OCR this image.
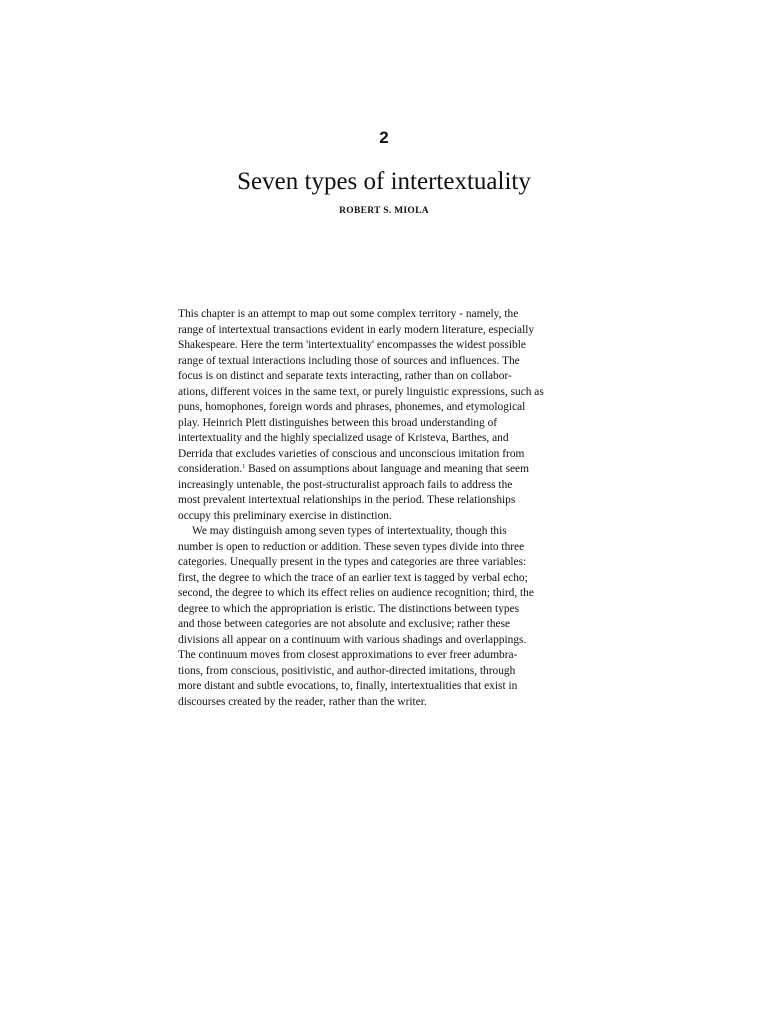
2
Seven types of intertextuality
ROBERT S. MIOLA
This chapter is an attempt to map out some complex territory - namely, the
range of intertextual transactions evident in early modern literature, especially
Shakespeare. Here the term 'intertextuality' encompasses the widest possible
range of textual interactions including those of sources and influences. The
focus is on distinct and separate texts interacting, rather than on collabor-
ations, different voices in the same text, or purely linguistic expressions, such as
puns, homophones, foreign words and phrases, phonemes, and etymological
play. Heinrich Plett distinguishes between this broad understanding of
intertextuality and the highly specialized usage of Kristeva, Barthes, and
Derrida that excludes varieties of conscious and unconscious imitation from
consideration.$^1$ Based on assumptions about language and meaning that seem
increasingly untenable, the post-structuralist approach fails to address the
most prevalent intertextual relationships in the period. These relationships
occupy this preliminary exercise in distinction.
We may distinguish among seven types of intertextuality, though this
number is open to reduction or addition. These seven types divide into three
categories. Unequally present in the types and categories are three variables:
first, the degree to which the trace of an earlier text is tagged by verbal echo;
second, the degree to which its effect relies on audience recognition; third, the
degree to which the appropriation is eristic. The distinctions between types
and those between categories are not absolute and exclusive; rather these
divisions all appear on a continuum with various shadings and overlappings.
The continuum moves from closest approximations to ever freer adumbra-
tions, from conscious, positivistic, and author-directed imitations, through
more distant and subtle evocations, to, finally, intertextualities that exist in
discourses created by the reader, rather than the writer.
